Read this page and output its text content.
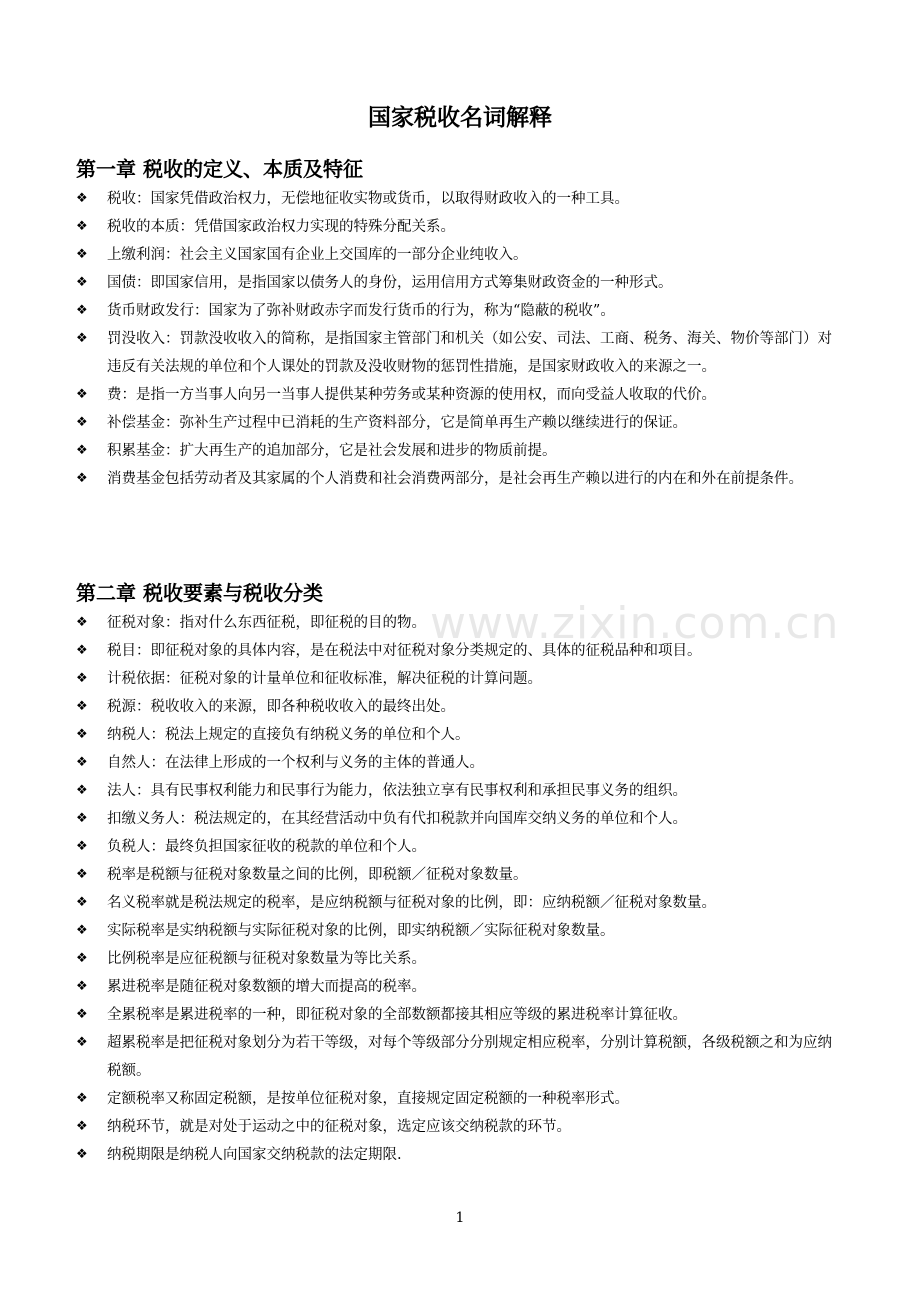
www.zixin.com.cn
国家税收名词解释
第一章 税收的定义、本质及特征
❖ 税收：国家凭借政治权力，无偿地征收实物或货币，以取得财政收入的一种工具。
❖ 税收的本质：凭借国家政治权力实现的特殊分配关系。
❖ 上缴利润：社会主义国家国有企业上交国库的一部分企业纯收入。
❖ 国债：即国家信用，是指国家以债务人的身份，运用信用方式筹集财政资金的一种形式。
❖ 货币财政发行：国家为了弥补财政赤字而发行货币的行为，称为“隐蔽的税收”。
❖ 罚没收入：罚款没收收入的简称，是指国家主管部门和机关（如公安、司法、工商、税务、海关、物价等部门）对违反有关法规的单位和个人课处的罚款及没收财物的惩罚性措施，是国家财政收入的来源之一。
❖ 费：是指一方当事人向另一当事人提供某种劳务或某种资源的使用权，而向受益人收取的代价。
❖ 补偿基金：弥补生产过程中已消耗的生产资料部分，它是简单再生产赖以继续进行的保证。
❖ 积累基金：扩大再生产的追加部分，它是社会发展和进步的物质前提。
❖ 消费基金包括劳动者及其家属的个人消费和社会消费两部分，是社会再生产赖以进行的内在和外在前提条件。
第二章 税收要素与税收分类
❖ 征税对象：指对什么东西征税，即征税的目的物。
❖ 税目：即征税对象的具体内容，是在税法中对征税对象分类规定的、具体的征税品种和项目。
❖ 计税依据：征税对象的计量单位和征收标准，解决征税的计算问题。
❖ 税源：税收收入的来源，即各种税收收入的最终出处。
❖ 纳税人：税法上规定的直接负有纳税义务的单位和个人。
❖ 自然人：在法律上形成的一个权利与义务的主体的普通人。
❖ 法人：具有民事权利能力和民事行为能力，依法独立享有民事权利和承担民事义务的组织。
❖ 扣缴义务人：税法规定的，在其经营活动中负有代扣税款并向国库交纳义务的单位和个人。
❖ 负税人：最终负担国家征收的税款的单位和个人。
❖ 税率是税额与征税对象数量之间的比例，即税额／征税对象数量。
❖ 名义税率就是税法规定的税率，是应纳税额与征税对象的比例，即：应纳税额／征税对象数量。
❖ 实际税率是实纳税额与实际征税对象的比例，即实纳税额／实际征税对象数量。
❖ 比例税率是应征税额与征税对象数量为等比关系。
❖ 累进税率是随征税对象数额的增大而提高的税率。
❖ 全累税率是累进税率的一种，即征税对象的全部数额都接其相应等级的累进税率计算征收。
❖ 超累税率是把征税对象划分为若干等级，对每个等级部分分别规定相应税率，分别计算税额，各级税额之和为应纳税额。
❖ 定额税率又称固定税额，是按单位征税对象，直接规定固定税额的一种税率形式。
❖ 纳税环节，就是对处于运动之中的征税对象，选定应该交纳税款的环节。
❖ 纳税期限是纳税人向国家交纳税款的法定期限.
1
